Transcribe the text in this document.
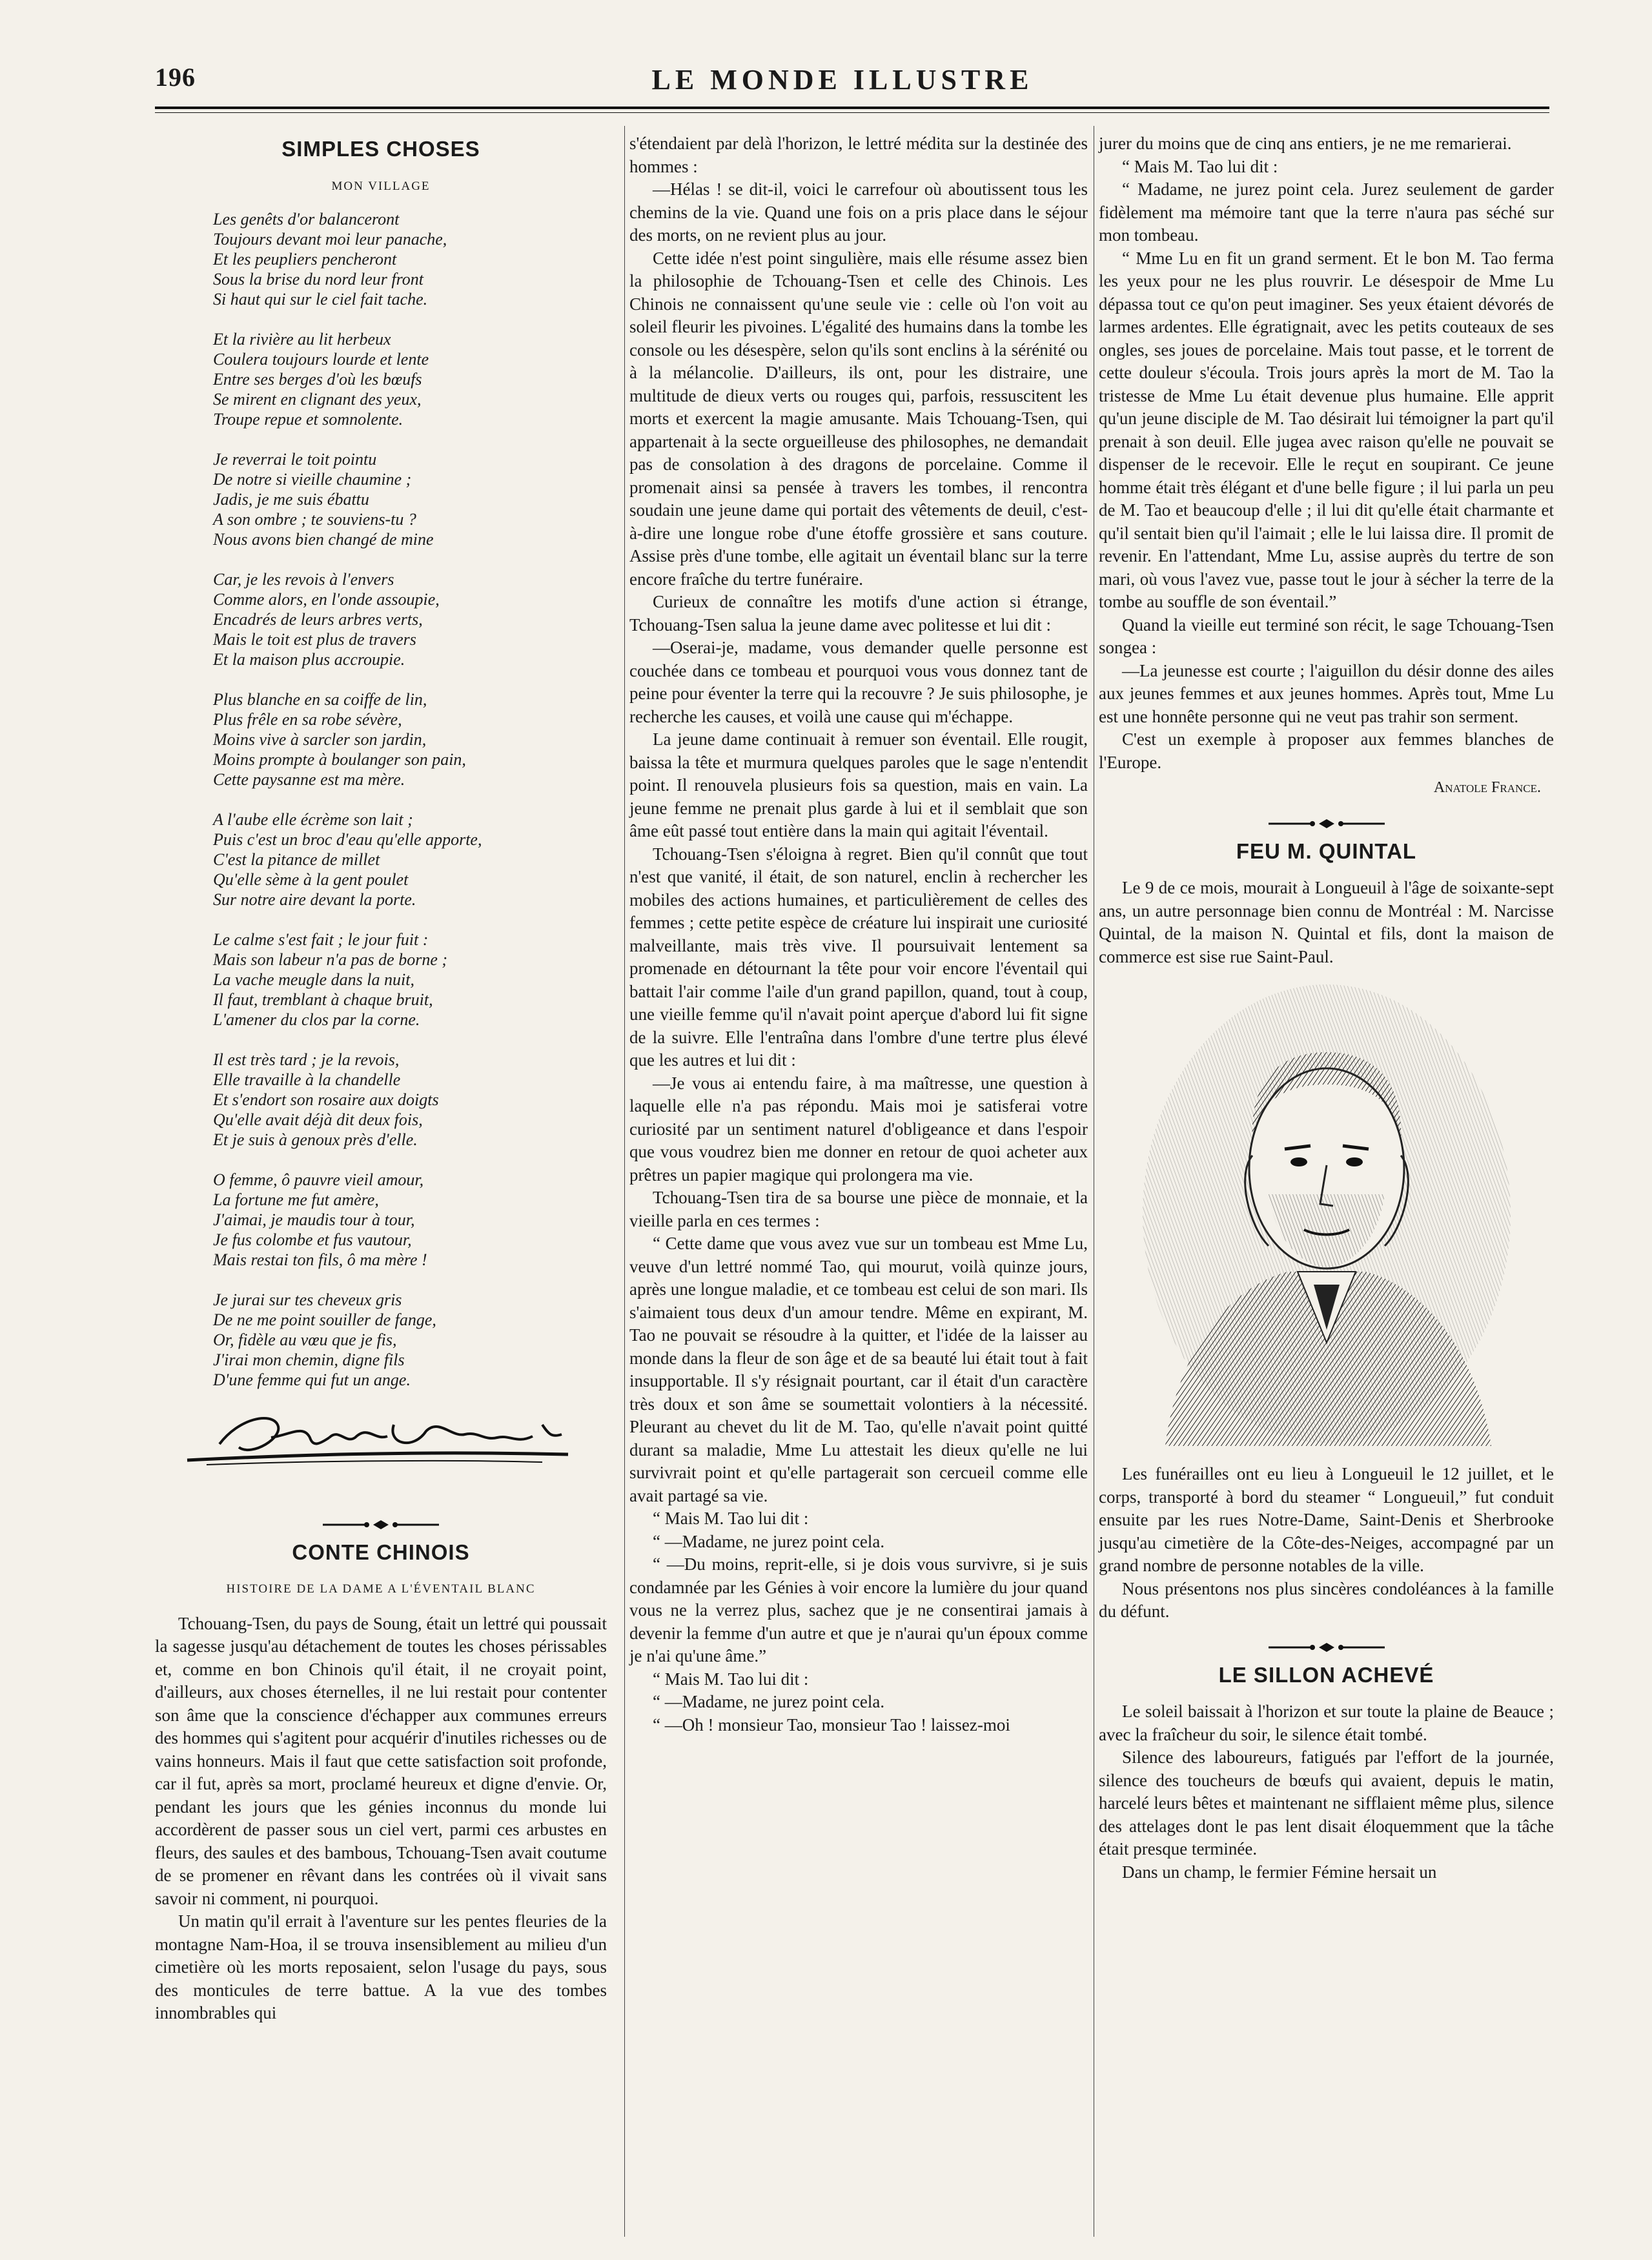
196	LE MONDE ILLUSTRE
SIMPLES CHOSES
MON VILLAGE
Les genêts d'or balanceront
Toujours devant moi leur panache,
Et les peupliers pencheront
Sous la brise du nord leur front
Si haut qui sur le ciel fait tache.
Et la rivière au lit herbeux
Coulera toujours lourde et lente
Entre ses berges d'où les bœufs
Se mirent en clignant des yeux,
Troupe repue et somnolente.
Je reverrai le toit pointu
De notre si vieille chaumine ;
Jadis, je me suis ébattu
A son ombre ; te souviens-tu ?
Nous avons bien changé de mine
Car, je les revois à l'envers
Comme alors, en l'onde assoupie,
Encadrés de leurs arbres verts,
Mais le toit est plus de travers
Et la maison plus accroupie.
Plus blanche en sa coiffe de lin,
Plus frêle en sa robe sévère,
Moins vive à sarcler son jardin,
Moins prompte à boulanger son pain,
Cette paysanne est ma mère.
A l'aube elle écrème son lait ;
Puis c'est un broc d'eau qu'elle apporte,
C'est la pitance de millet
Qu'elle sème à la gent poulet
Sur notre aire devant la porte.
Le calme s'est fait ; le jour fuit :
Mais son labeur n'a pas de borne ;
La vache meugle dans la nuit,
Il faut, tremblant à chaque bruit,
L'amener du clos par la corne.
Il est très tard ; je la revois,
Elle travaille à la chandelle
Et s'endort son rosaire aux doigts
Qu'elle avait déjà dit deux fois,
Et je suis à genoux près d'elle.
O femme, ô pauvre vieil amour,
La fortune me fut amère,
J'aimai, je maudis tour à tour,
Je fus colombe et fus vautour,
Mais restai ton fils, ô ma mère !
Je jurai sur tes cheveux gris
De ne me point souiller de fange,
Or, fidèle au vœu que je fis,
J'irai mon chemin, digne fils
D'une femme qui fut un ange.
CONTE CHINOIS
HISTOIRE DE LA DAME A L'ÉVENTAIL BLANC

Tchouang-Tsen, du pays de Soung, était un lettré qui poussait la sagesse jusqu'au détachement de toutes les choses périssables et, comme en bon Chinois qu'il était, il ne croyait point, d'ailleurs, aux choses éternelles, il ne lui restait pour contenter son âme que la conscience d'échapper aux communes erreurs des hommes qui s'agitent pour acquérir d'inutiles richesses ou de vains honneurs. Mais il faut que cette satisfaction soit profonde, car il fut, après sa mort, proclamé heureux et digne d'envie. Or, pendant les jours que les génies inconnus du monde lui accordèrent de passer sous un ciel vert, parmi ces arbustes en fleurs, des saules et des bambous, Tchouang-Tsen avait coutume de se promener en rêvant dans les contrées où il vivait sans savoir ni comment, ni pourquoi.

Un matin qu'il errait à l'aventure sur les pentes fleuries de la montagne Nam-Hoa, il se trouva insensiblement au milieu d'un cimetière où les morts reposaient, selon l'usage du pays, sous des monticules de terre battue. A la vue des tombes innombrables qui

s'étendaient par delà l'horizon, le lettré médita sur la destinée des hommes :

—Hélas ! se dit-il, voici le carrefour où aboutissent tous les chemins de la vie. Quand une fois on a pris place dans le séjour des morts, on ne revient plus au jour.

Cette idée n'est point singulière, mais elle résume assez bien la philosophie de Tchouang-Tsen et celle des Chinois. Les Chinois ne connaissent qu'une seule vie : celle où l'on voit au soleil fleurir les pivoines. L'égalité des humains dans la tombe les console ou les désespère, selon qu'ils sont enclins à la sérénité ou à la mélancolie. D'ailleurs, ils ont, pour les distraire, une multitude de dieux verts ou rouges qui, parfois, ressuscitent les morts et exercent la magie amusante. Mais Tchouang-Tsen, qui appartenait à la secte orgueilleuse des philosophes, ne demandait pas de consolation à des dragons de porcelaine. Comme il promenait ainsi sa pensée à travers les tombes, il rencontra soudain une jeune dame qui portait des vêtements de deuil, c'est-à-dire une longue robe d'une étoffe grossière et sans couture. Assise près d'une tombe, elle agitait un éventail blanc sur la terre encore fraîche du tertre funéraire.

Curieux de connaître les motifs d'une action si étrange, Tchouang-Tsen salua la jeune dame avec politesse et lui dit :

—Oserai-je, madame, vous demander quelle personne est couchée dans ce tombeau et pourquoi vous vous donnez tant de peine pour éventer la terre qui la recouvre ? Je suis philosophe, je recherche les causes, et voilà une cause qui m'échappe.

La jeune dame continuait à remuer son éventail. Elle rougit, baissa la tête et murmura quelques paroles que le sage n'entendit point. Il renouvela plusieurs fois sa question, mais en vain. La jeune femme ne prenait plus garde à lui et il semblait que son âme eût passé tout entière dans la main qui agitait l'éventail.

Tchouang-Tsen s'éloigna à regret. Bien qu'il connût que tout n'est que vanité, il était, de son naturel, enclin à rechercher les mobiles des actions humaines, et particulièrement de celles des femmes ; cette petite espèce de créature lui inspirait une curiosité malveillante, mais très vive. Il poursuivait lentement sa promenade en détournant la tête pour voir encore l'éventail qui battait l'air comme l'aile d'un grand papillon, quand, tout à coup, une vieille femme qu'il n'avait point aperçue d'abord lui fit signe de la suivre. Elle l'entraîna dans l'ombre d'une tertre plus élevé que les autres et lui dit :

—Je vous ai entendu faire, à ma maîtresse, une question à laquelle elle n'a pas répondu. Mais moi je satisferai votre curiosité par un sentiment naturel d'obligeance et dans l'espoir que vous voudrez bien me donner en retour de quoi acheter aux prêtres un papier magique qui prolongera ma vie.

Tchouang-Tsen tira de sa bourse une pièce de monnaie, et la vieille parla en ces termes :

“ Cette dame que vous avez vue sur un tombeau est Mme Lu, veuve d'un lettré nommé Tao, qui mourut, voilà quinze jours, après une longue maladie, et ce tombeau est celui de son mari. Ils s'aimaient tous deux d'un amour tendre. Même en expirant, M. Tao ne pouvait se résoudre à la quitter, et l'idée de la laisser au monde dans la fleur de son âge et de sa beauté lui était tout à fait insupportable. Il s'y résignait pourtant, car il était d'un caractère très doux et son âme se soumettait volontiers à la nécessité. Pleurant au chevet du lit de M. Tao, qu'elle n'avait point quitté durant sa maladie, Mme Lu attestait les dieux qu'elle ne lui survivrait point et qu'elle partagerait son cercueil comme elle avait partagé sa vie.

“ Mais M. Tao lui dit :

“ —Madame, ne jurez point cela.

“ —Du moins, reprit-elle, si je dois vous survivre, si je suis condamnée par les Génies à voir encore la lumière du jour quand vous ne la verrez plus, sachez que je ne consentirai jamais à devenir la femme d'un autre et que je n'aurai qu'un époux comme je n'ai qu'une âme.”

“ Mais M. Tao lui dit :

“ —Madame, ne jurez point cela.

“ —Oh ! monsieur Tao, monsieur Tao ! laissez-moi

jurer du moins que de cinq ans entiers, je ne me remarierai.

“ Mais M. Tao lui dit :

“ Madame, ne jurez point cela. Jurez seulement de garder fidèlement ma mémoire tant que la terre n'aura pas séché sur mon tombeau.

“ Mme Lu en fit un grand serment. Et le bon M. Tao ferma les yeux pour ne les plus rouvrir. Le désespoir de Mme Lu dépassa tout ce qu'on peut imaginer. Ses yeux étaient dévorés de larmes ardentes. Elle égratignait, avec les petits couteaux de ses ongles, ses joues de porcelaine. Mais tout passe, et le torrent de cette douleur s'écoula. Trois jours après la mort de M. Tao la tristesse de Mme Lu était devenue plus humaine. Elle apprit qu'un jeune disciple de M. Tao désirait lui témoigner la part qu'il prenait à son deuil. Elle jugea avec raison qu'elle ne pouvait se dispenser de le recevoir. Elle le reçut en soupirant. Ce jeune homme était très élégant et d'une belle figure ; il lui parla un peu de M. Tao et beaucoup d'elle ; il lui dit qu'elle était charmante et qu'il sentait bien qu'il l'aimait ; elle le lui laissa dire. Il promit de revenir. En l'attendant, Mme Lu, assise auprès du tertre de son mari, où vous l'avez vue, passe tout le jour à sécher la terre de la tombe au souffle de son éventail.”

Quand la vieille eut terminé son récit, le sage Tchouang-Tsen songea :

—La jeunesse est courte ; l'aiguillon du désir donne des ailes aux jeunes femmes et aux jeunes hommes. Après tout, Mme Lu est une honnête personne qui ne veut pas trahir son serment.

C'est un exemple à proposer aux femmes blanches de l'Europe.

Anatole France.
FEU M. QUINTAL

Le 9 de ce mois, mourait à Longueuil à l'âge de soixante-sept ans, un autre personnage bien connu de Montréal : M. Narcisse Quintal, de la maison N. Quintal et fils, dont la maison de commerce est sise rue Saint-Paul.

Les funérailles ont eu lieu à Longueuil le 12 juillet, et le corps, transporté à bord du steamer “ Longueuil,” fut conduit ensuite par les rues Notre-Dame, Saint-Denis et Sherbrooke jusqu'au cimetière de la Côte-des-Neiges, accompagné par un grand nombre de personne notables de la ville.

Nous présentons nos plus sincères condoléances à la famille du défunt.

LE SILLON ACHEVÉ

Le soleil baissait à l'horizon et sur toute la plaine de Beauce ; avec la fraîcheur du soir, le silence était tombé.

Silence des laboureurs, fatigués par l'effort de la journée, silence des toucheurs de bœufs qui avaient, depuis le matin, harcelé leurs bêtes et maintenant ne sifflaient même plus, silence des attelages dont le pas lent disait éloquemment que la tâche était presque terminée.

Dans un champ, le fermier Fémine hersait un
